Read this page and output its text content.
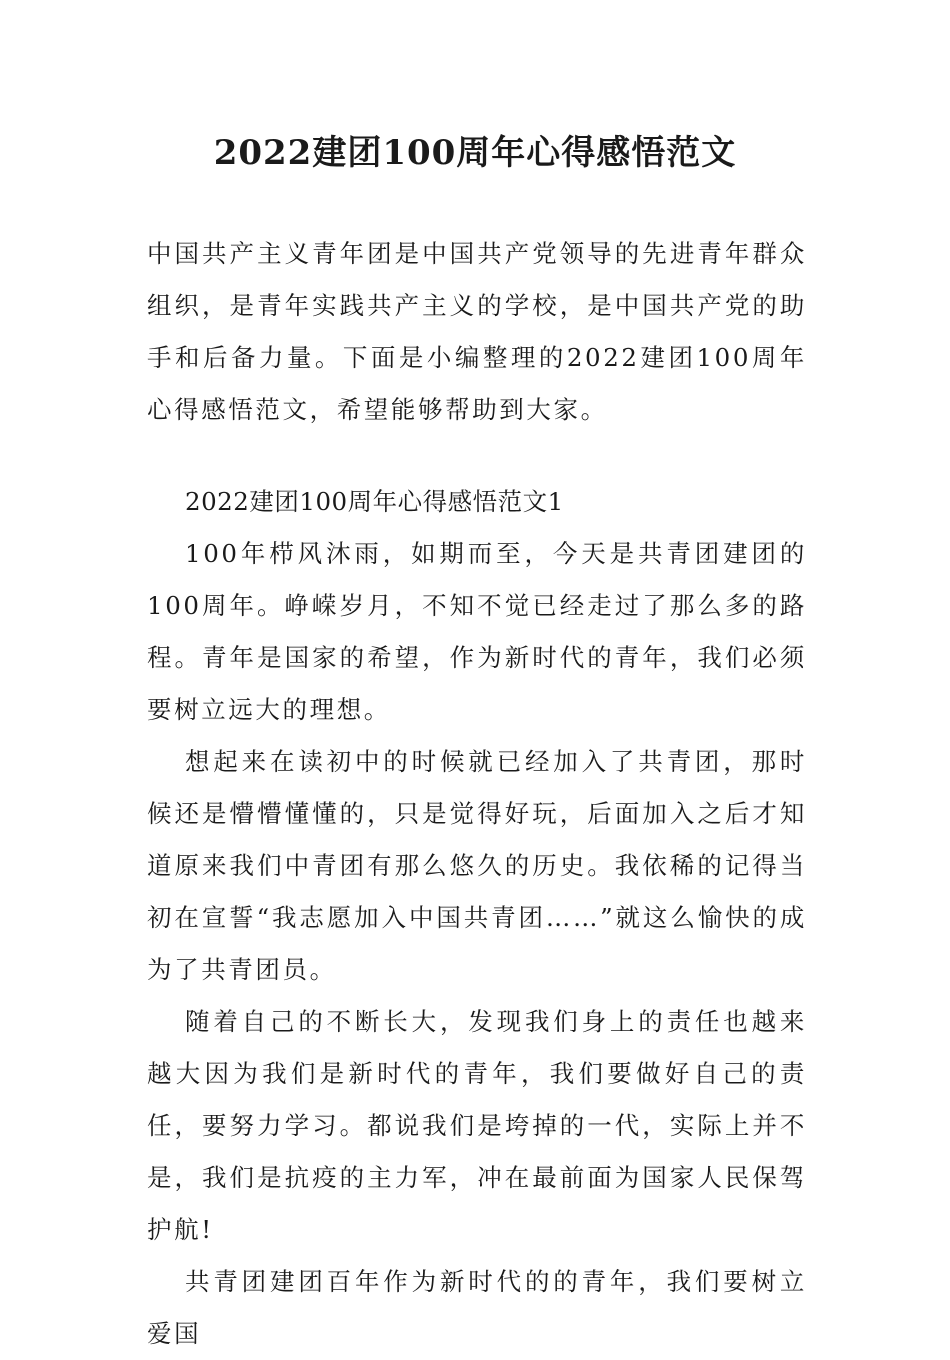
2022建团100周年心得感悟范文

中国共产主义青年团是中国共产党领导的先进青年群众组织，是青年实践共产主义的学校，是中国共产党的助手和后备力量。下面是小编整理的2022建团100周年心得感悟范文，希望能够帮助到大家。

2022建团100周年心得感悟范文1

100年栉风沐雨，如期而至，今天是共青团建团的100周年。峥嵘岁月，不知不觉已经走过了那么多的路程。青年是国家的希望，作为新时代的青年，我们必须要树立远大的理想。

想起来在读初中的时候就已经加入了共青团，那时候还是懵懵懂懂的，只是觉得好玩，后面加入之后才知道原来我们中青团有那么悠久的历史。我依稀的记得当初在宣誓“我志愿加入中国共青团……”就这么愉快的成为了共青团员。

随着自己的不断长大，发现我们身上的责任也越来越大因为我们是新时代的青年，我们要做好自己的责任，要努力学习。都说我们是垮掉的一代，实际上并不是，我们是抗疫的主力军，冲在最前面为国家人民保驾护航!

共青团建团百年作为新时代的的青年，我们要树立爱国
